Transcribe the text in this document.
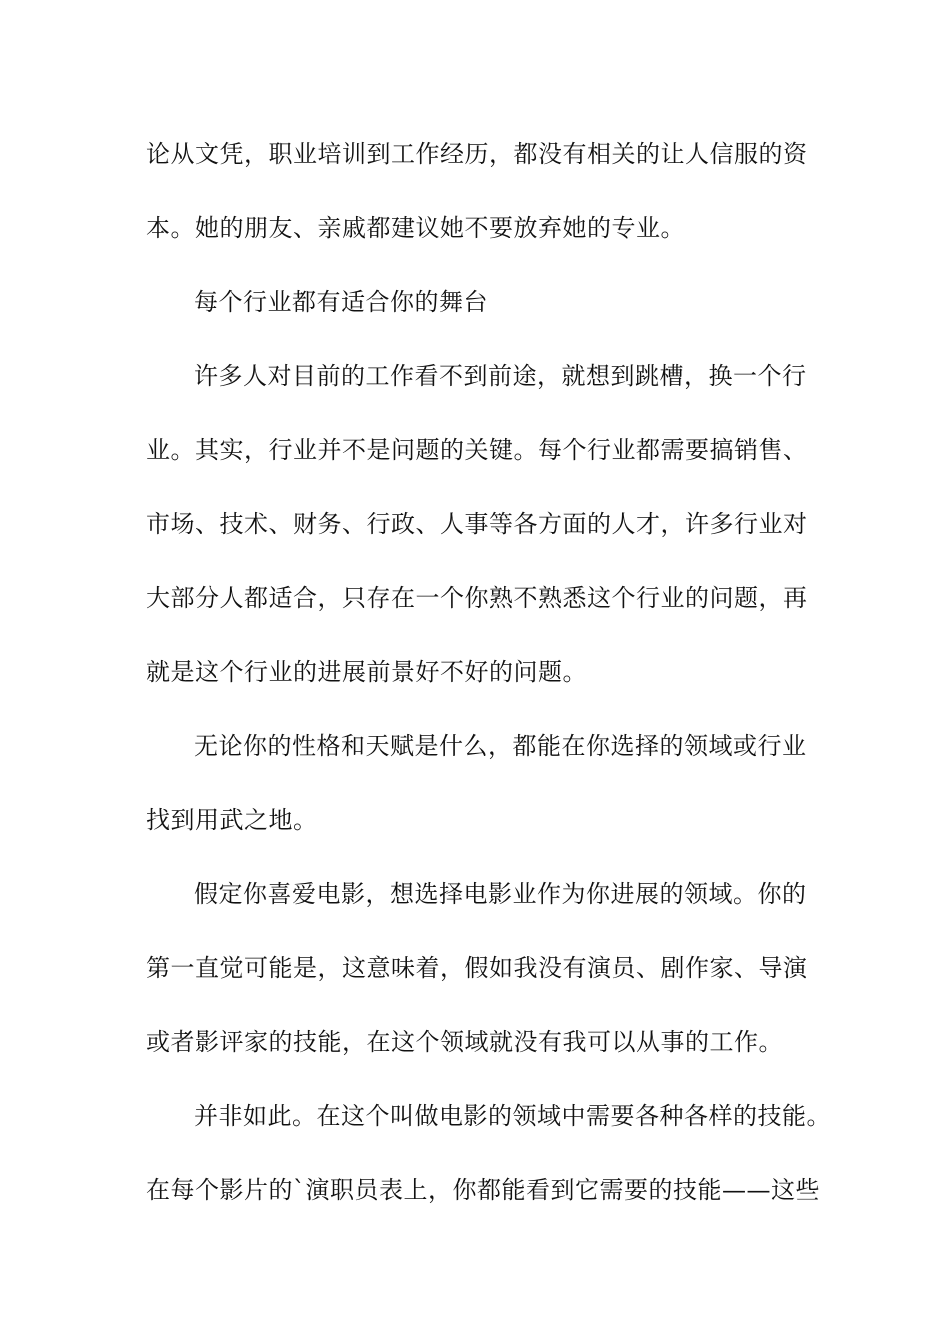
论从文凭，职业培训到工作经历，都没有相关的让人信服的资
本。她的朋友、亲戚都建议她不要放弃她的专业。
每个行业都有适合你的舞台
许多人对目前的工作看不到前途，就想到跳槽，换一个行
业。其实，行业并不是问题的关键。每个行业都需要搞销售、
市场、技术、财务、行政、人事等各方面的人才，许多行业对
大部分人都适合，只存在一个你熟不熟悉这个行业的问题，再
就是这个行业的进展前景好不好的问题。
无论你的性格和天赋是什么，都能在你选择的领域或行业
找到用武之地。
假定你喜爱电影，想选择电影业作为你进展的领域。你的
第一直觉可能是，这意味着，假如我没有演员、剧作家、导演
或者影评家的技能，在这个领域就没有我可以从事的工作。
并非如此。在这个叫做电影的领域中需要各种各样的技能。
在每个影片的`演职员表上，你都能看到它需要的技能——这些
